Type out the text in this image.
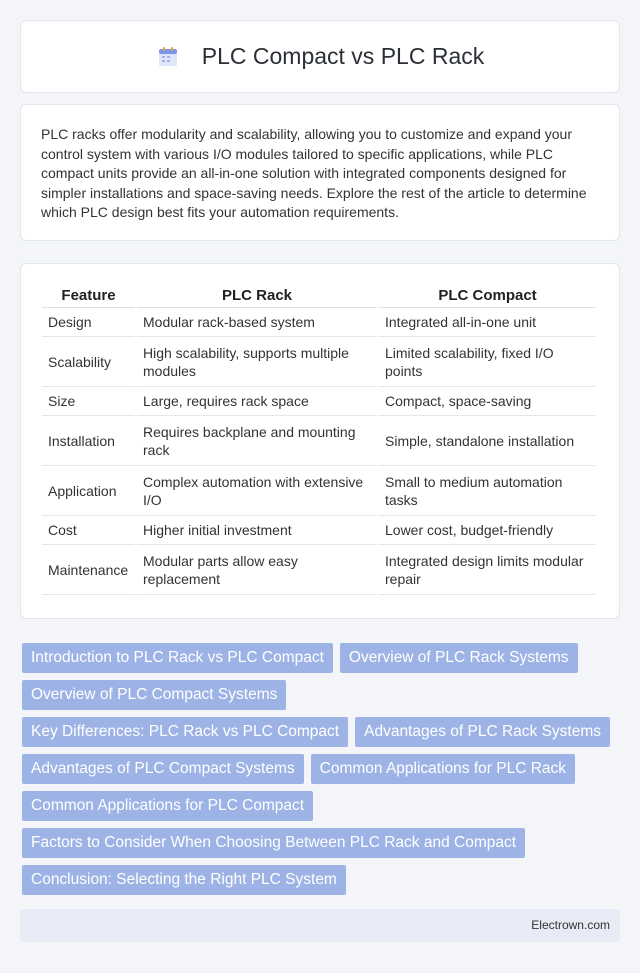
PLC Compact vs PLC Rack

PLC racks offer modularity and scalability, allowing you to customize and expand your control system with various I/O modules tailored to specific applications, while PLC compact units provide an all-in-one solution with integrated components designed for simpler installations and space-saving needs. Explore the rest of the article to determine which PLC design best fits your automation requirements.

Feature	PLC Rack	PLC Compact
Design	Modular rack-based system	Integrated all-in-one unit
Scalability	High scalability, supports multiple modules	Limited scalability, fixed I/O points
Size	Large, requires rack space	Compact, space-saving
Installation	Requires backplane and mounting rack	Simple, standalone installation
Application	Complex automation with extensive I/O	Small to medium automation tasks
Cost	Higher initial investment	Lower cost, budget-friendly
Maintenance	Modular parts allow easy replacement	Integrated design limits modular repair
Introduction to PLC Rack vs PLC Compact	Overview of PLC Rack Systems
Overview of PLC Compact Systems
Key Differences: PLC Rack vs PLC Compact	Advantages of PLC Rack Systems
Advantages of PLC Compact Systems	Common Applications for PLC Rack
Common Applications for PLC Compact
Factors to Consider When Choosing Between PLC Rack and Compact
Conclusion: Selecting the Right PLC System
Electrown.com
